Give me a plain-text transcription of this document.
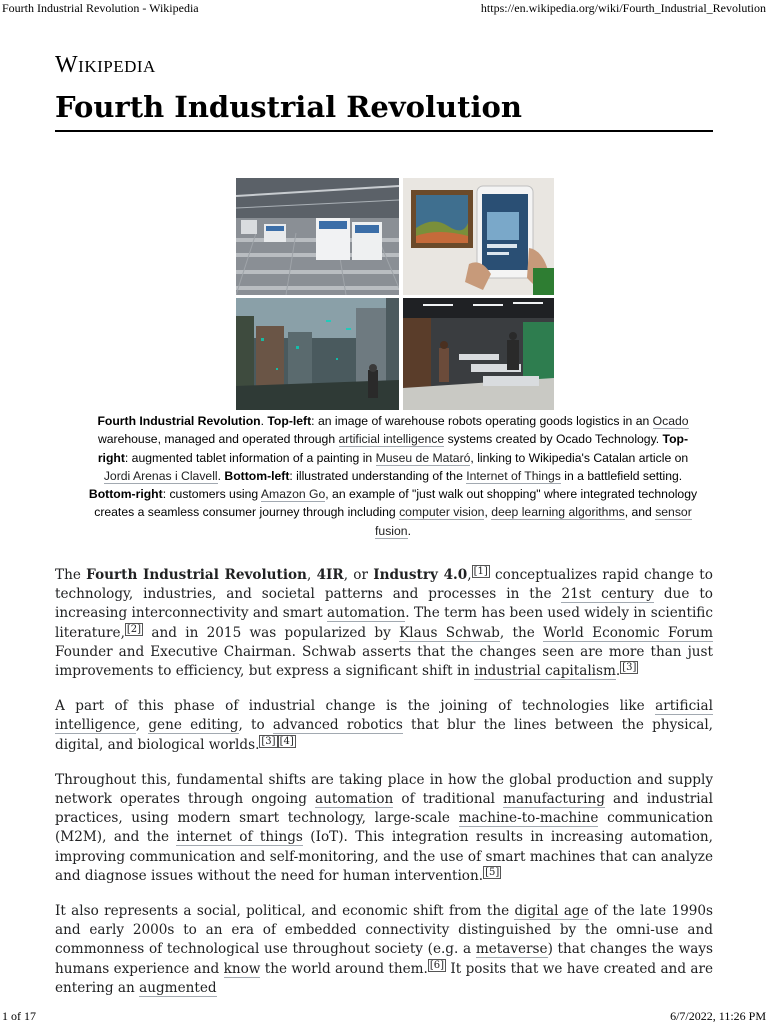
Fourth Industrial Revolution - Wikipedia	https://en.wikipedia.org/wiki/Fourth_Industrial_Revolution
Wikipedia
Fourth Industrial Revolution
Fourth Industrial Revolution. Top-left: an image of warehouse robots operating goods logistics in an Ocado warehouse, managed and operated through artificial intelligence systems created by Ocado Technology. Top-right: augmented tablet information of a painting in Museu de Mataró, linking to Wikipedia's Catalan article on Jordi Arenas i Clavell. Bottom-left: illustrated understanding of the Internet of Things in a battlefield setting. Bottom-right: customers using Amazon Go, an example of "just walk out shopping" where integrated technology creates a seamless consumer journey through including computer vision, deep learning algorithms, and sensor fusion.

The Fourth Industrial Revolution, 4IR, or Industry 4.0, [1] conceptualizes rapid change to technology, industries, and societal patterns and processes in the 21st century due to increasing interconnectivity and smart automation. The term has been used widely in scientific literature, [2] and in 2015 was popularized by Klaus Schwab, the World Economic Forum Founder and Executive Chairman. Schwab asserts that the changes seen are more than just improvements to efficiency, but express a significant shift in industrial capitalism. [3]

A part of this phase of industrial change is the joining of technologies like artificial intelligence, gene editing, to advanced robotics that blur the lines between the physical, digital, and biological worlds. [3] [4]

Throughout this, fundamental shifts are taking place in how the global production and supply network operates through ongoing automation of traditional manufacturing and industrial practices, using modern smart technology, large-scale machine-to-machine communication (M2M), and the internet of things (IoT). This integration results in increasing automation, improving communication and self-monitoring, and the use of smart machines that can analyze and diagnose issues without the need for human intervention. [5]

It also represents a social, political, and economic shift from the digital age of the late 1990s and early 2000s to an era of embedded connectivity distinguished by the omni-use and commonness of technological use throughout society (e.g. a metaverse) that changes the ways humans experience and know the world around them. [6] It posits that we have created and are entering an augmented

1 of 17	6/7/2022, 11:26 PM
